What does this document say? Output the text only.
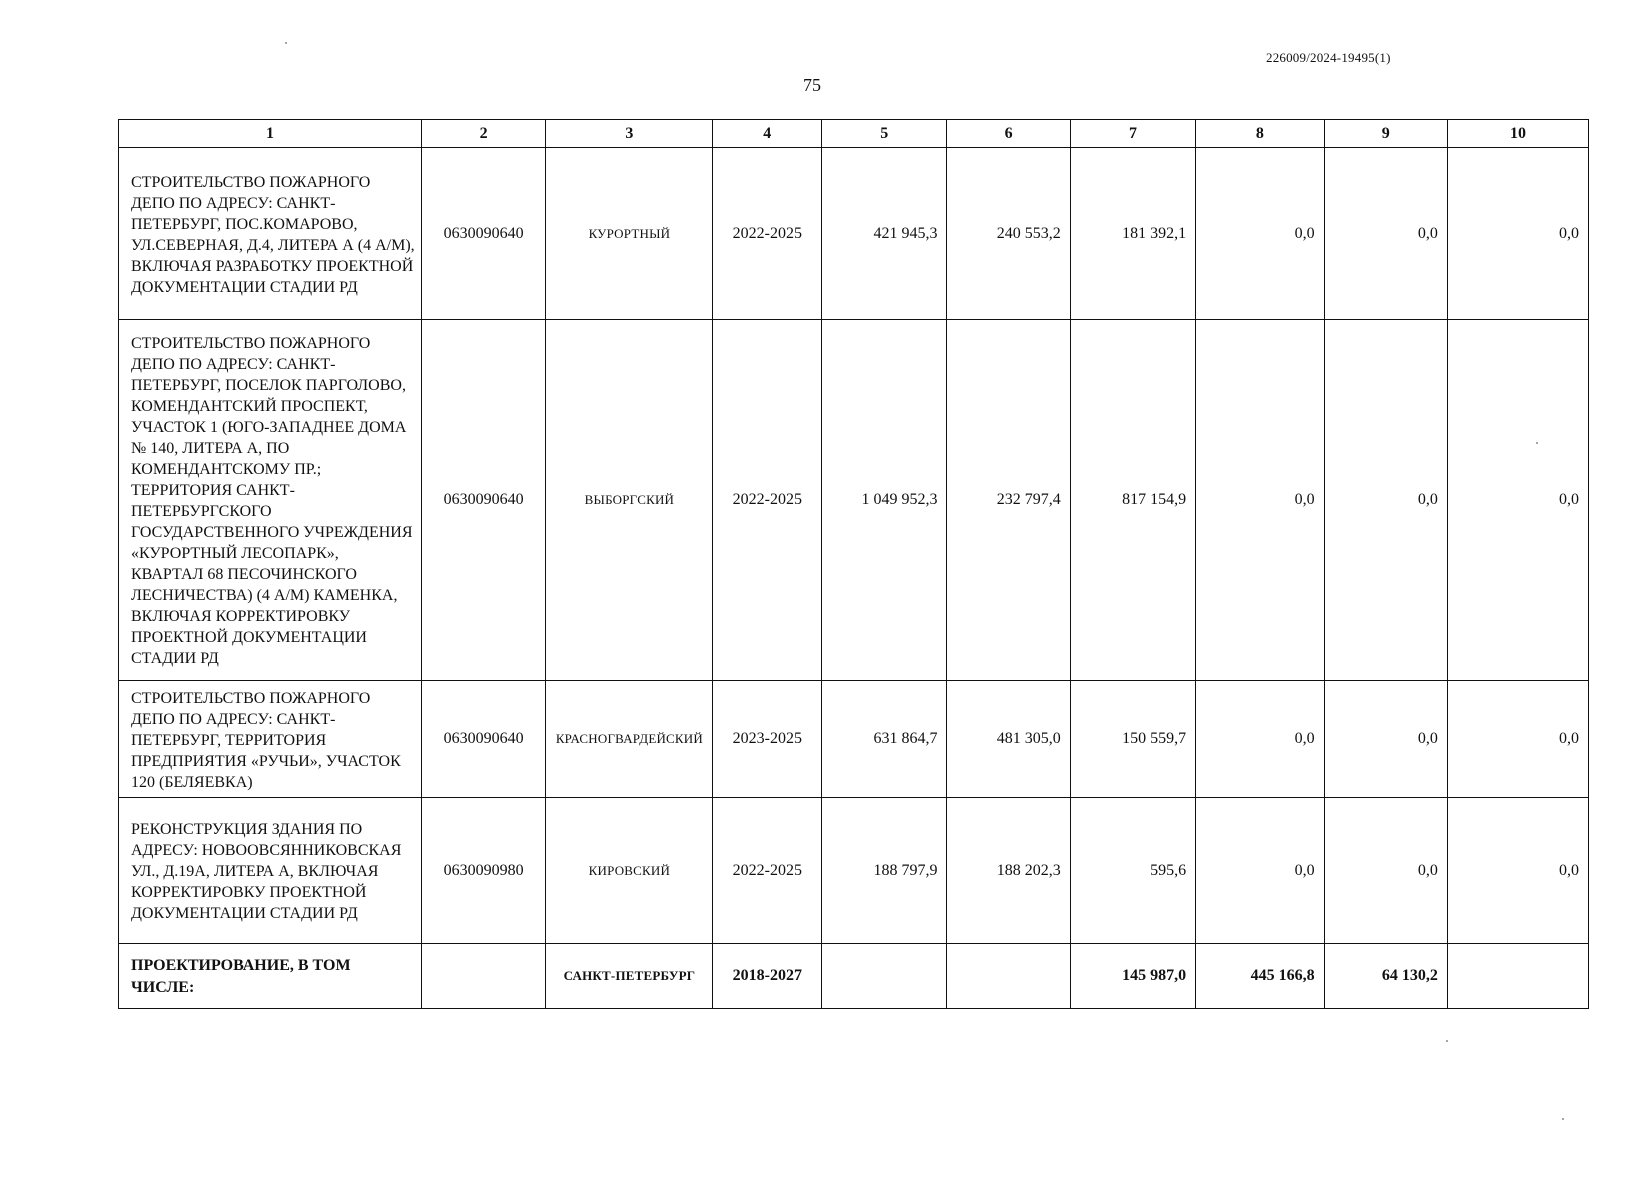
226009/2024-19495(1)
75
1	2	3	4	5	6	7	8	9	10
СТРОИТЕЛЬСТВО ПОЖАРНОГО ДЕПО ПО АДРЕСУ: САНКТ-ПЕТЕРБУРГ, ПОС.КОМАРОВО, УЛ.СЕВЕРНАЯ, Д.4, ЛИТЕРА А (4 А/М), ВКЛЮЧАЯ РАЗРАБОТКУ ПРОЕКТНОЙ ДОКУМЕНТАЦИИ СТАДИИ РД	0630090640	КУРОРТНЫЙ	2022-2025	421 945,3	240 553,2	181 392,1	0,0	0,0	0,0
СТРОИТЕЛЬСТВО ПОЖАРНОГО ДЕПО ПО АДРЕСУ: САНКТ-ПЕТЕРБУРГ, ПОСЕЛОК ПАРГОЛОВО, КОМЕНДАНТСКИЙ ПРОСПЕКТ, УЧАСТОК 1 (ЮГО-ЗАПАДНЕЕ ДОМА № 140, ЛИТЕРА А, ПО КОМЕНДАНТСКОМУ ПР.; ТЕРРИТОРИЯ САНКТ-ПЕТЕРБУРГСКОГО ГОСУДАРСТВЕННОГО УЧРЕЖДЕНИЯ «КУРОРТНЫЙ ЛЕСОПАРК», КВАРТАЛ 68 ПЕСОЧИНСКОГО ЛЕСНИЧЕСТВА) (4 А/М) КАМЕНКА, ВКЛЮЧАЯ КОРРЕКТИРОВКУ ПРОЕКТНОЙ ДОКУМЕНТАЦИИ СТАДИИ РД	0630090640	ВЫБОРГСКИЙ	2022-2025	1 049 952,3	232 797,4	817 154,9	0,0	0,0	0,0
СТРОИТЕЛЬСТВО ПОЖАРНОГО ДЕПО ПО АДРЕСУ: САНКТ-ПЕТЕРБУРГ, ТЕРРИТОРИЯ ПРЕДПРИЯТИЯ «РУЧЬИ», УЧАСТОК 120 (БЕЛЯЕВКА)	0630090640	КРАСНОГВАРДЕЙСКИЙ	2023-2025	631 864,7	481 305,0	150 559,7	0,0	0,0	0,0
РЕКОНСТРУКЦИЯ ЗДАНИЯ ПО АДРЕСУ: НОВООВСЯННИКОВСКАЯ УЛ., Д.19А, ЛИТЕРА А, ВКЛЮЧАЯ КОРРЕКТИРОВКУ ПРОЕКТНОЙ ДОКУМЕНТАЦИИ СТАДИИ РД	0630090980	КИРОВСКИЙ	2022-2025	188 797,9	188 202,3	595,6	0,0	0,0	0,0
ПРОЕКТИРОВАНИЕ, В ТОМ ЧИСЛЕ:		САНКТ-ПЕТЕРБУРГ	2018-2027			145 987,0	445 166,8	64 130,2	
